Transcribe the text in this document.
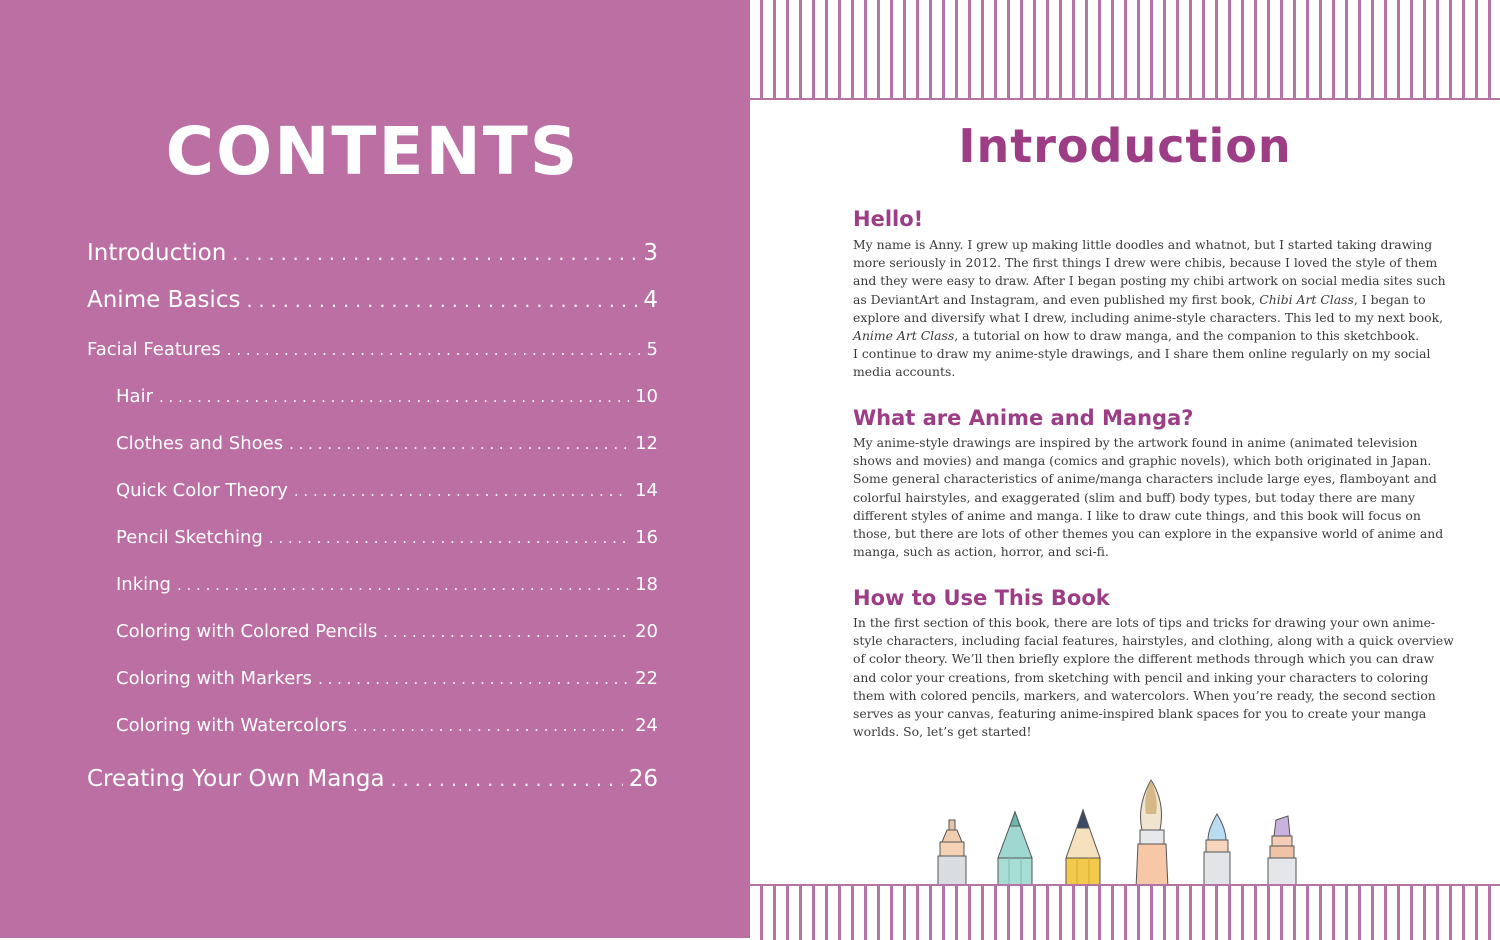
CONTENTS
Introduction . . .	3
Anime Basics . . .	4
Facial Features . . .	5
Hair . . .	10
Clothes and Shoes . . .	12
Quick Color Theory . . .	14
Pencil Sketching . . .	16
Inking . . .	18
Coloring with Colored Pencils . . .	20
Coloring with Markers . . .	22
Coloring with Watercolors . . .	24
Creating Your Own Manga . . .	26
Introduction
Hello!
My name is Anny. I grew up making little doodles and whatnot, but I started taking drawing
more seriously in 2012. The first things I drew were chibis, because I loved the style of them
and they were easy to draw. After I began posting my chibi artwork on social media sites such
as DeviantArt and Instagram, and even published my first book, Chibi Art Class, I began to
explore and diversify what I drew, including anime-style characters. This led to my next book,
Anime Art Class, a tutorial on how to draw manga, and the companion to this sketchbook.
I continue to draw my anime-style drawings, and I share them online regularly on my social
media accounts.
What are Anime and Manga?
My anime-style drawings are inspired by the artwork found in anime (animated television
shows and movies) and manga (comics and graphic novels), which both originated in Japan.
Some general characteristics of anime/manga characters include large eyes, flamboyant and
colorful hairstyles, and exaggerated (slim and buff) body types, but today there are many
different styles of anime and manga. I like to draw cute things, and this book will focus on
those, but there are lots of other themes you can explore in the expansive world of anime and
manga, such as action, horror, and sci-fi.
How to Use This Book
In the first section of this book, there are lots of tips and tricks for drawing your own anime-
style characters, including facial features, hairstyles, and clothing, along with a quick overview
of color theory. We’ll then briefly explore the different methods through which you can draw
and color your creations, from sketching with pencil and inking your characters to coloring
them with colored pencils, markers, and watercolors. When you’re ready, the second section
serves as your canvas, featuring anime-inspired blank spaces for you to create your manga
worlds. So, let’s get started!
